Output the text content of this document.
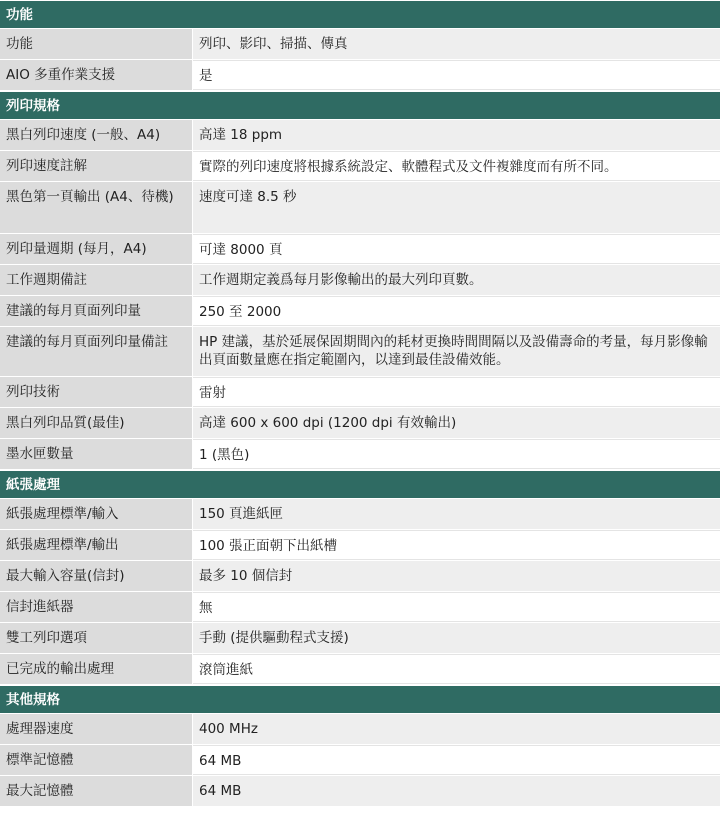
功能
功能	列印、影印、掃描、傳真
AIO 多重作業支援	是
列印規格
黑白列印速度 (一般、A4)	高達 18 ppm
列印速度註解	實際的列印速度將根據系統設定、軟體程式及文件複雜度而有所不同。
黑色第一頁輸出 (A4、待機)	速度可達 8.5 秒
列印量週期 (每月，A4)	可達 8000 頁
工作週期備註	工作週期定義爲每月影像輸出的最大列印頁數。
建議的每月頁面列印量	250 至 2000
建議的每月頁面列印量備註	HP 建議，基於延展保固期間內的耗材更換時間間隔以及設備壽命的考量，每月影像輸出頁面數量應在指定範圍內，以達到最佳設備效能。
列印技術	雷射
黑白列印品質(最佳)	高達 600 x 600 dpi (1200 dpi 有效輸出)
墨水匣數量	1 (黑色)
紙張處理
紙張處理標準/輸入	150 頁進紙匣
紙張處理標準/輸出	100 張正面朝下出紙槽
最大輸入容量(信封)	最多 10 個信封
信封進紙器	無
雙工列印選項	手動 (提供驅動程式支援)
已完成的輸出處理	滾筒進紙
其他規格
處理器速度	400 MHz
標準記憶體	64 MB
最大記憶體	64 MB
